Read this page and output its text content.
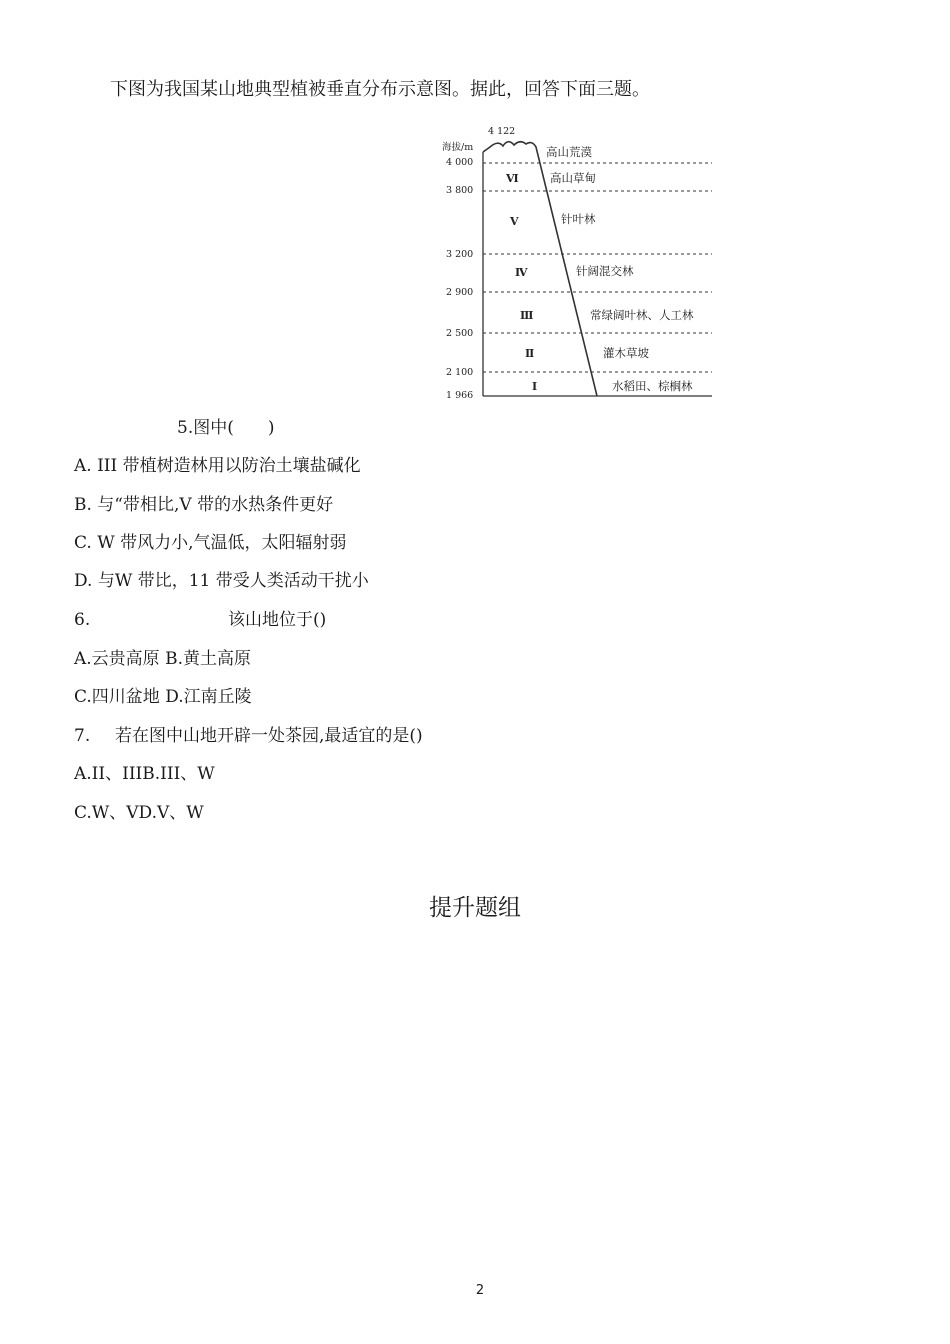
下图为我国某山地典型植被垂直分布示意图。据此，回答下面三题。
海拔/m
4 122
4 000
3 800
3 200
2 900
2 500
2 100
1 966
Ⅵ
Ⅴ
Ⅳ
Ⅲ
Ⅱ
Ⅰ
高山荒漠
高山草甸
针叶林
针阔混交林
常绿阔叶林、人工林
灌木草坡
水稻田、棕榈林
5.图中(　　)
A. III 带植树造林用以防治土壤盐碱化
B. 与“带相比,V 带的水热条件更好
C. W 带风力小,气温低，太阳辐射弱
D. 与W 带比，11 带受人类活动干扰小
6.	该山地位于()
A.云贵高原 B.黄土高原
C.四川盆地 D.江南丘陵
7. 若在图中山地开辟一处茶园,最适宜的是()
A.II、IIIB.III、W
C.W、VD.V、W
提升题组
2
